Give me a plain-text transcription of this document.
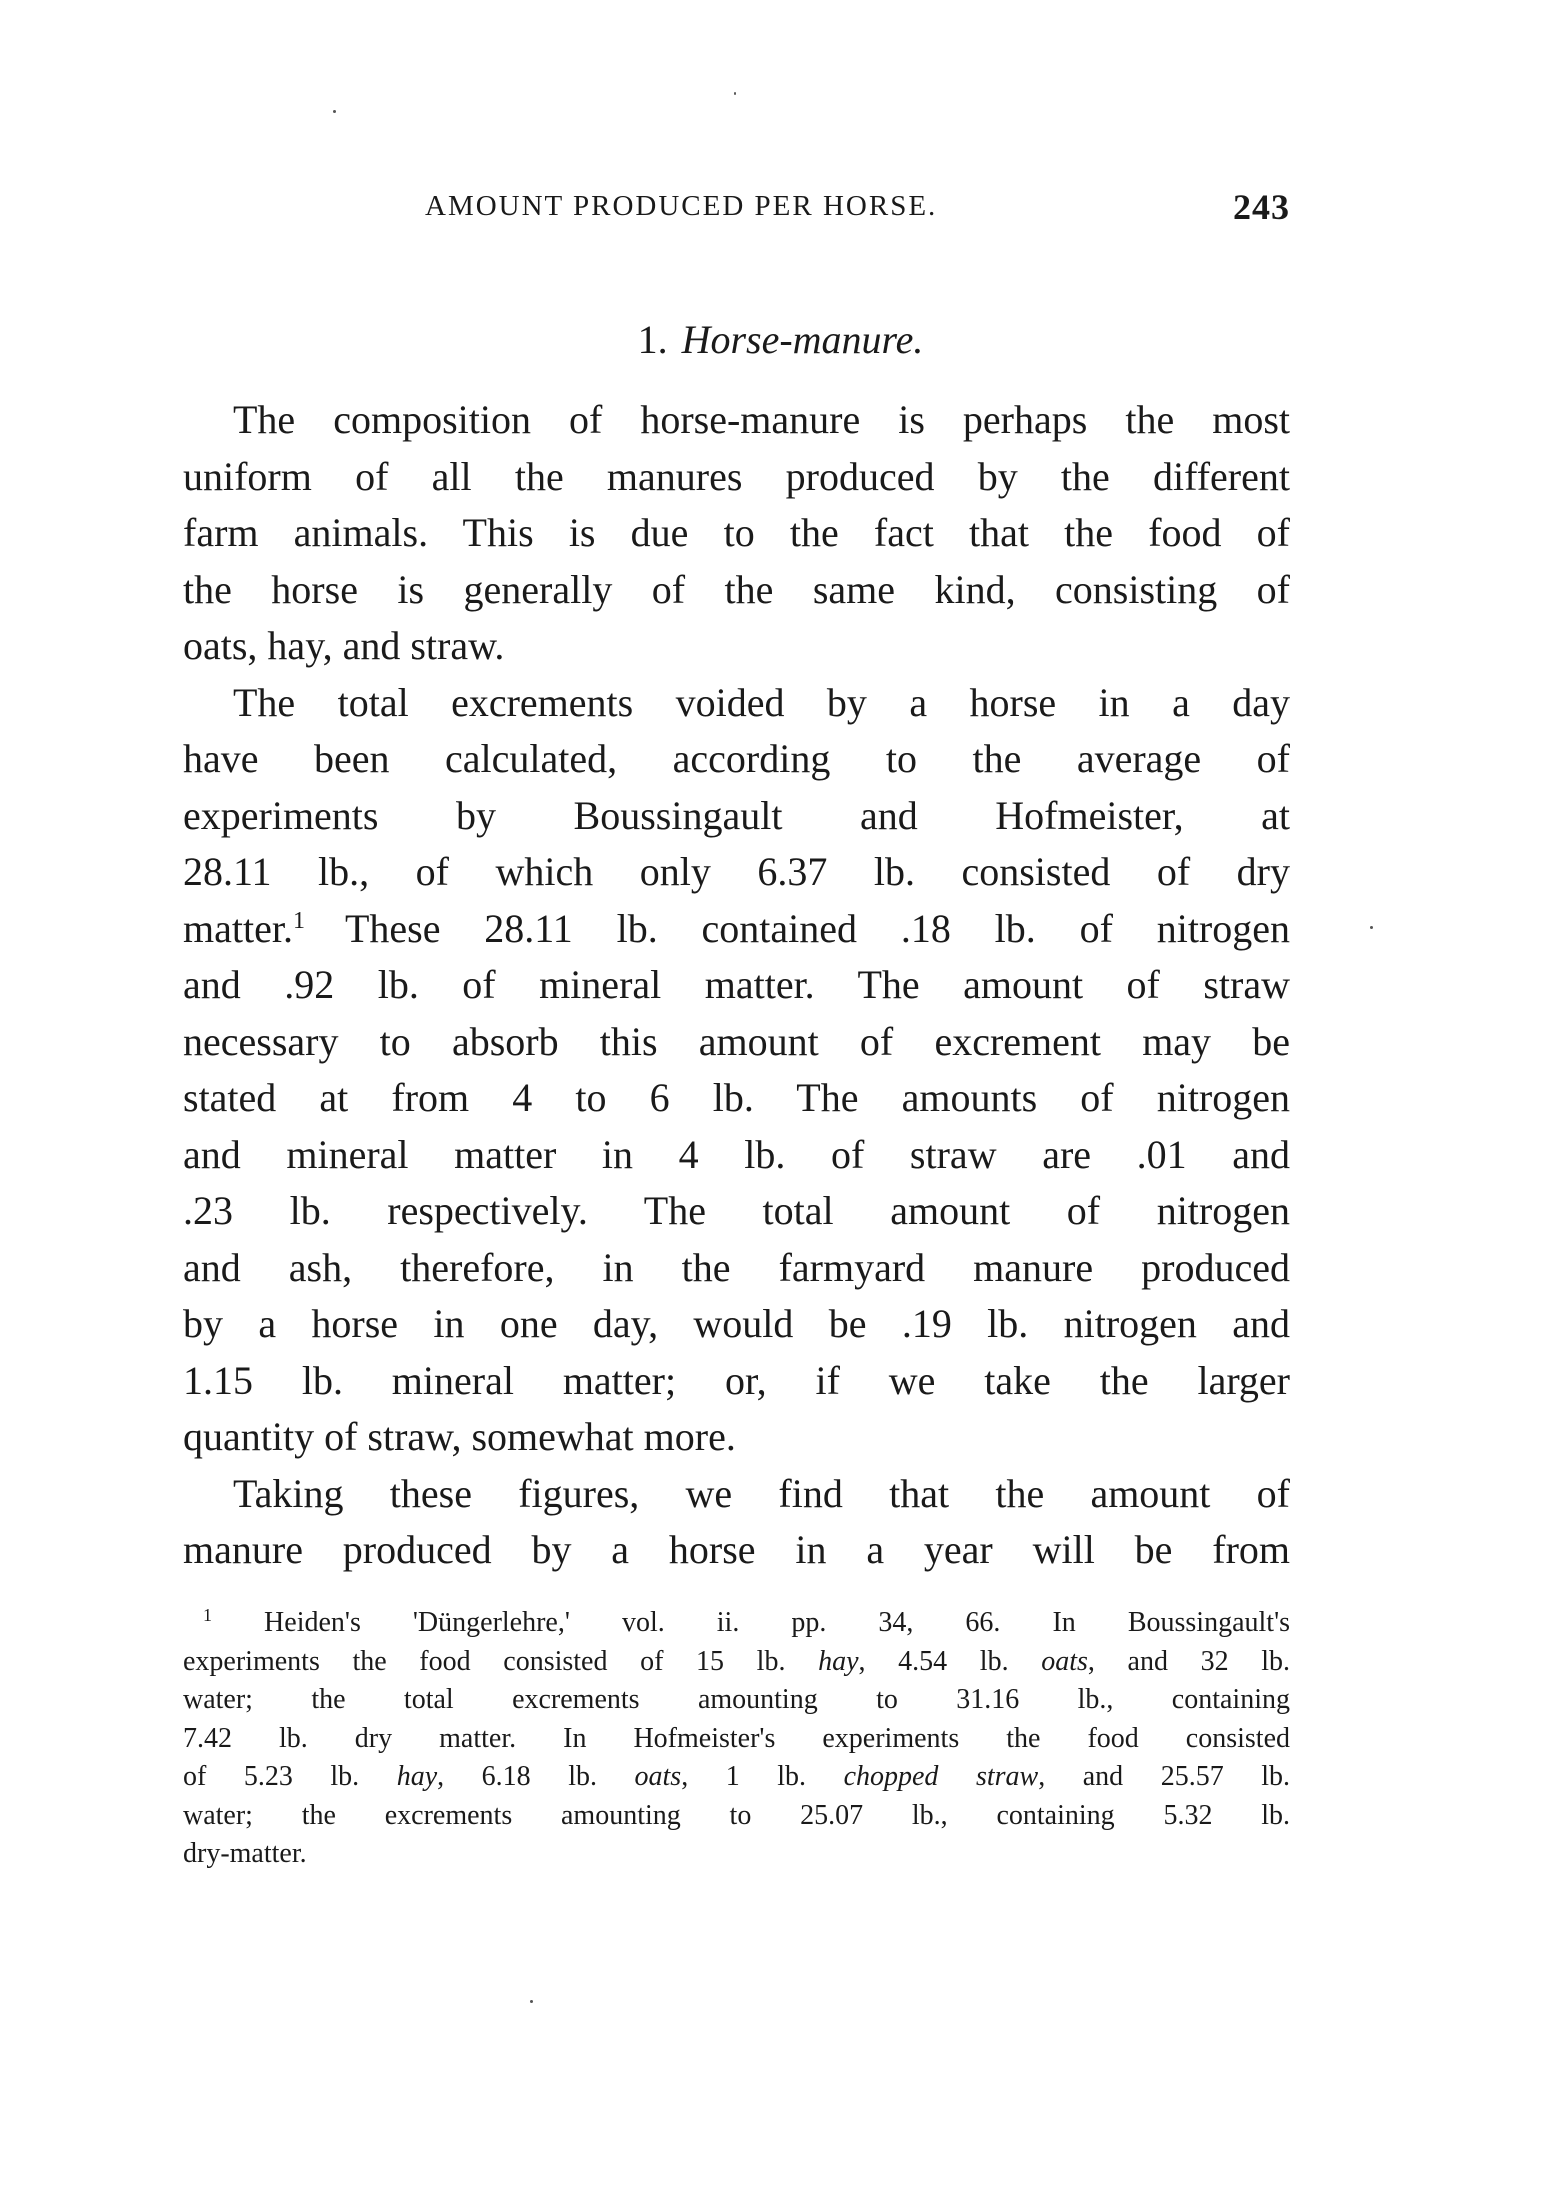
AMOUNT PRODUCED PER HORSE.	243
1. Horse-manure.
The composition of horse-manure is perhaps the most
uniform of all the manures produced by the different
farm animals. This is due to the fact that the food of
the horse is generally of the same kind, consisting of
oats, hay, and straw.
The total excrements voided by a horse in a day
have been calculated, according to the average of
experiments by Boussingault and Hofmeister, at
28.11 lb., of which only 6.37 lb. consisted of dry
matter.$^1$  These 28.11 lb. contained .18 lb. of nitrogen
and .92 lb. of mineral matter. The amount of straw
necessary to absorb this amount of excrement may be
stated at from 4 to 6 lb. The amounts of nitrogen
and mineral matter in 4 lb. of straw are .01 and
.23 lb. respectively. The total amount of nitrogen
and ash, therefore, in the farmyard manure produced
by a horse in one day, would be .19 lb. nitrogen and
1.15 lb. mineral matter; or, if we take the larger
quantity of straw, somewhat more.
Taking these figures, we find that the amount of
manure produced by a horse in a year will be from
$^1$ Heiden's 'Düngerlehre,' vol. ii. pp. 34, 66. In Boussingault's
experiments the food consisted of 15 lb. hay, 4.54 lb. oats, and 32 lb.
water; the total excrements amounting to 31.16 lb., containing
7.42 lb. dry matter. In Hofmeister's experiments the food consisted
of 5.23 lb. hay, 6.18 lb. oats, 1 lb. chopped straw, and 25.57 lb.
water; the excrements amounting to 25.07 lb., containing 5.32 lb.
dry-matter.
